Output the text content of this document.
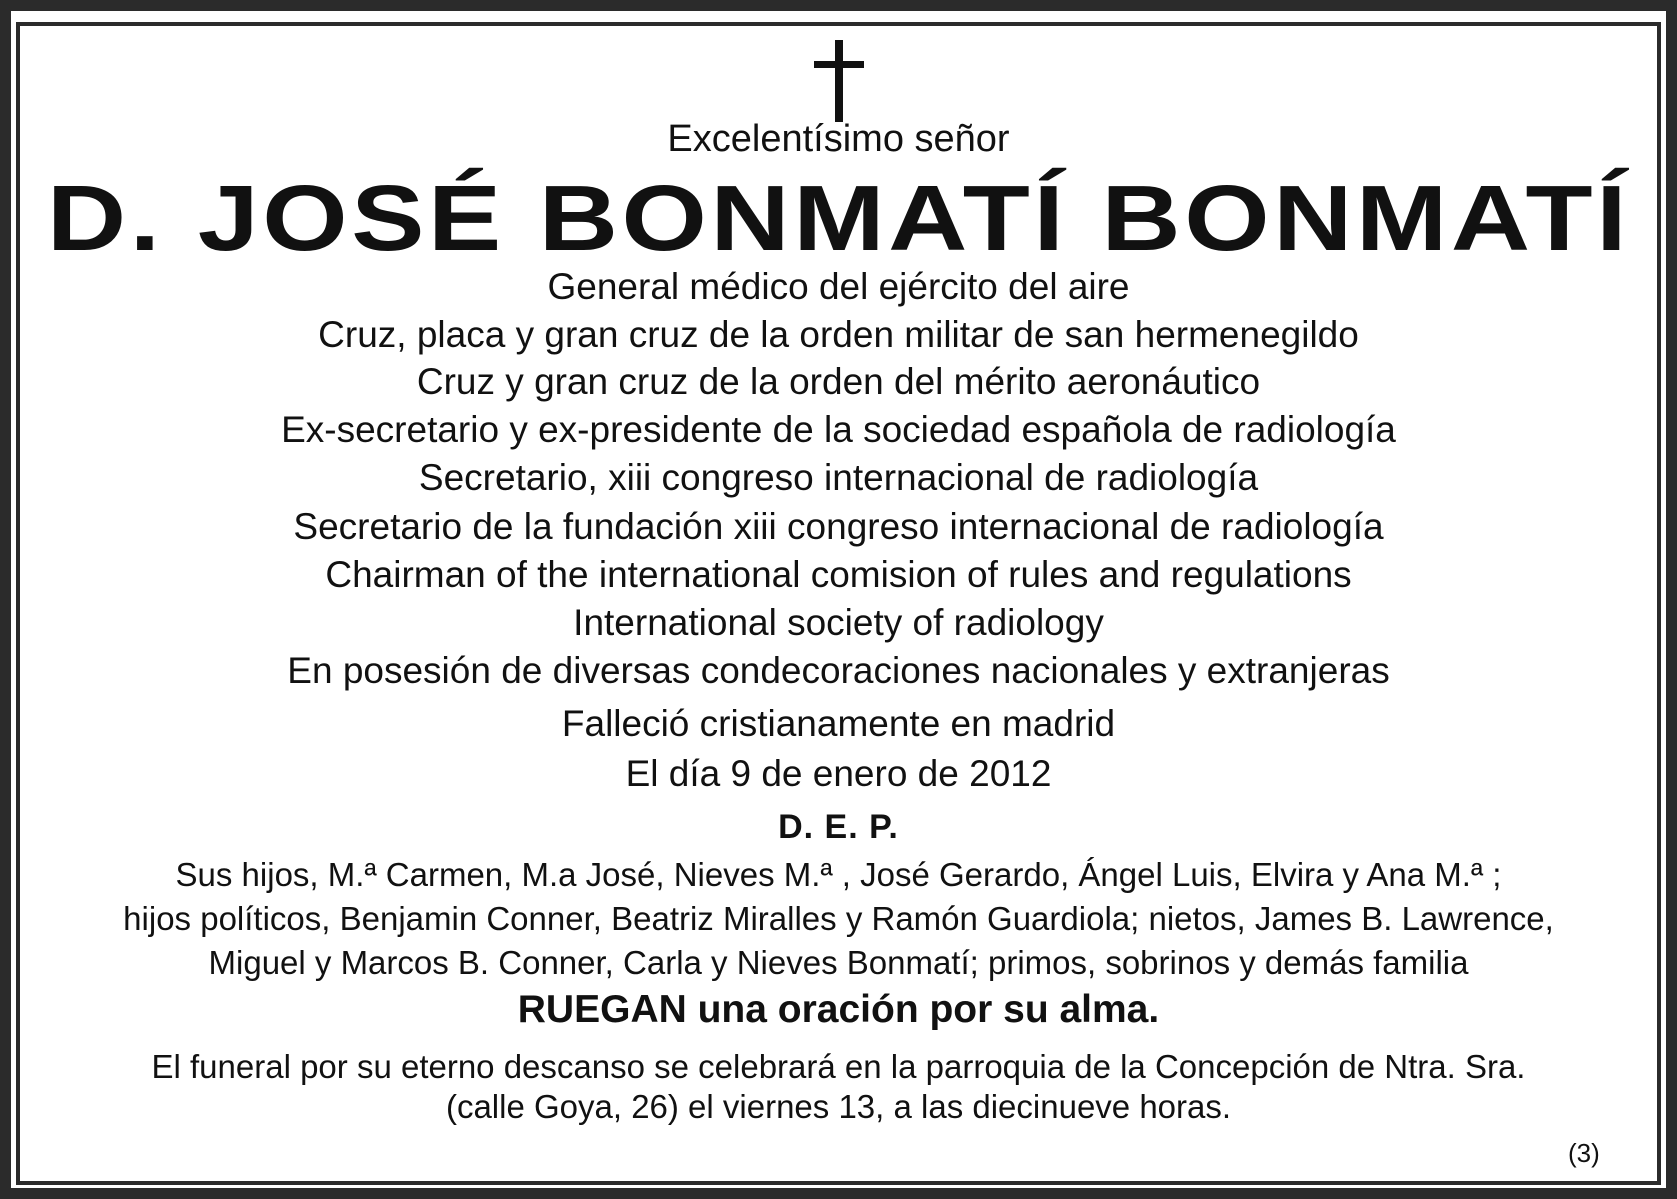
Excelentísimo señor
D. JOSÉ BONMATÍ BONMATÍ
General médico del ejército del aire
Cruz, placa y gran cruz de la orden militar de san hermenegildo
Cruz y gran cruz de la orden del mérito aeronáutico
Ex-secretario y ex-presidente de la sociedad española de radiología
Secretario, xiii congreso internacional de radiología
Secretario de la fundación xiii congreso internacional de radiología
Chairman of the international comision of rules and regulations
International society of radiology
En posesión de diversas condecoraciones nacionales y extranjeras
Falleció cristianamente en madrid
El día 9 de enero de 2012
D. E. P.
Sus hijos, M.ª Carmen, M.a José, Nieves M.ª , José Gerardo, Ángel Luis, Elvira y Ana M.ª ;
hijos políticos, Benjamin Conner, Beatriz Miralles y Ramón Guardiola; nietos, James B. Lawrence,
Miguel y Marcos B. Conner, Carla y Nieves Bonmatí; primos, sobrinos y demás familia
RUEGAN una oración por su alma.
El funeral por su eterno descanso se celebrará en la parroquia de la Concepción de Ntra. Sra.
(calle Goya, 26) el viernes 13, a las diecinueve horas.
(3)
